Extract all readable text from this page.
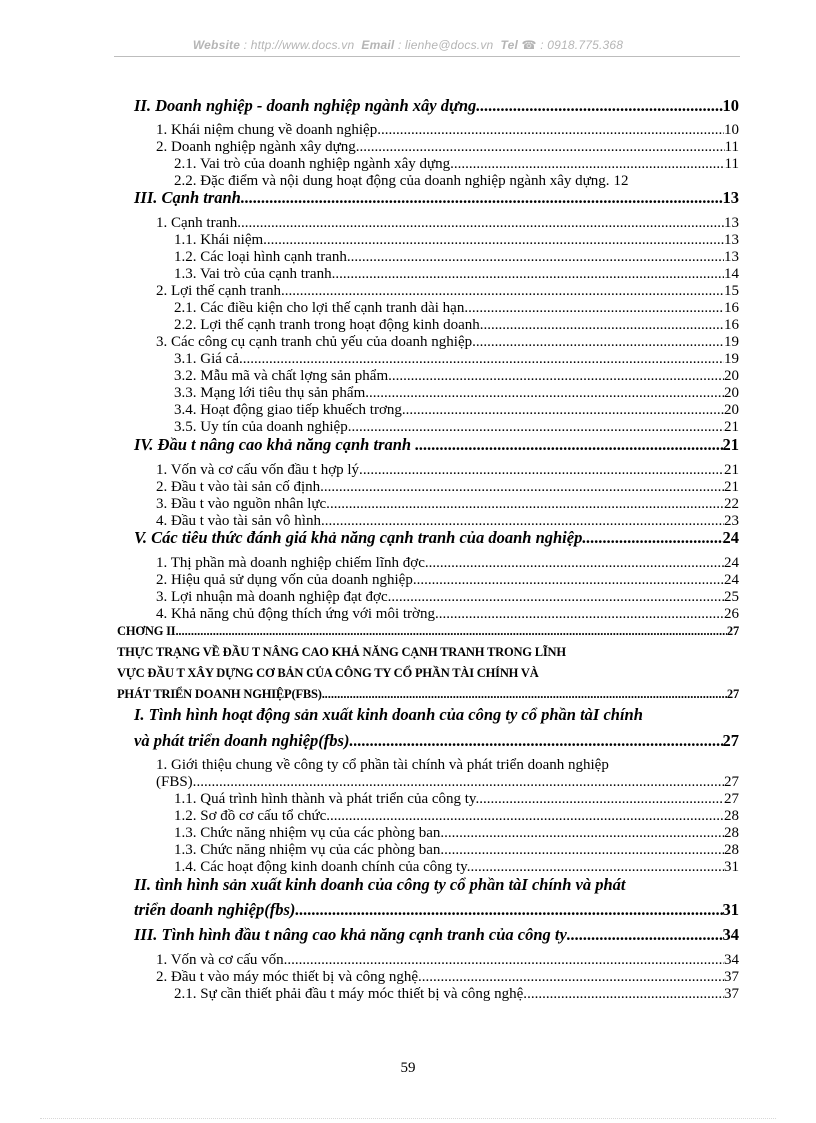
Website : http://www.docs.vn Email : lienhe@docs.vn Tel ☎ : 0918.775.368
II. Doanh nghiệp - doanh nghiệp ngành xây dựng. .....	10
1. Khái niệm chung về doanh nghiệp. .....	10
2. Doanh nghiệp ngành xây dựng .....	11
2.1. Vai trò của doanh nghiệp ngành xây dựng. .....	11
2.2. Đặc điểm và nội dung hoạt động của doanh nghiệp ngành xây dựng. 12
III. Cạnh tranh. .....	13
1. Cạnh tranh. .....	13
1.1. Khái niệm. .....	13
1.2. Các loại hình cạnh tranh. .....	13
1.3. Vai trò của cạnh tranh. .....	14
2. Lợi thế cạnh tranh. .....	15
2.1. Các điều kiện cho lợi thế cạnh tranh dài hạn. .....	16
2.2. Lợi thế cạnh tranh trong hoạt động kinh doanh. .....	16
3. Các công cụ cạnh tranh chủ yếu của doanh nghiệp. .....	19
3.1. Giá cả. .....	19
3.2. Mẫu mã và chất lợng sản phẩm. .....	20
3.3. Mạng lới tiêu thụ sản phẩm. .....	20
3.4. Hoạt động giao tiếp khuếch trơng. .....	20
3.5. Uy tín của doanh nghiệp. .....	21
IV. Đầu t nâng cao khả năng cạnh tranh . .....	21
1. Vốn và cơ cấu vốn đầu t hợp lý. .....	21
2. Đầu t vào tài sản cố định. .....	21
3. Đầu t vào nguồn nhân lực. .....	22
4. Đầu t vào tài sản vô hình. .....	23
V. Các tiêu thức đánh giá khả năng cạnh tranh của doanh nghiệp .....	24
1. Thị phần mà doanh nghiệp chiếm lĩnh đợc. .....	24
2. Hiệu quả sử dụng vốn của doanh nghiệp. .....	24
3. Lợi nhuận mà doanh nghiệp đạt đợc. .....	25
4. Khả năng chủ động thích ứng với môi trờng. .....	26
CHƠNG II. .....	27
THỰC TRẠNG VỀ ĐẦU T NÂNG CAO KHẢ NĂNG CẠNH TRANH TRONG LĨNH
VỰC ĐẦU T XÂY DỰNG CƠ BẢN CỦA CÔNG TY CỔ PHẦN TÀI CHÍNH VÀ
PHÁT TRIỂN DOANH NGHIỆP(FBS). .....	27
I. Tình hình hoạt động sản xuất kinh doanh của công ty cổ phần tàI chính
và phát triển doanh nghiệp(fbs). .....	27
1. Giới thiệu chung về công ty cổ phần tài chính và phát triển doanh nghiệp
(FBS). .....	27
1.1. Quá trình hình thành và phát triển của công ty. .....	27
1.2. Sơ đồ cơ cấu tổ chức. .....	28
1.3. Chức năng nhiệm vụ của các phòng ban. .....	28
1.3. Chức năng nhiệm vụ của các phòng ban. .....	28
1.4. Các hoạt động kinh doanh chính của công ty. .....	31
II. tình hình sản xuất kinh doanh của công ty cổ phần tàI chính và phát
triển doanh nghiệp(fbs). .....	31
III. Tình hình đầu t nâng cao khả năng cạnh tranh của công ty .....	34
1. Vốn và cơ cấu vốn. .....	34
2. Đầu t vào máy móc thiết bị và công nghệ. .....	37
2.1. Sự cần thiết phải đầu t máy móc thiết bị và công nghệ. .....	37
59
